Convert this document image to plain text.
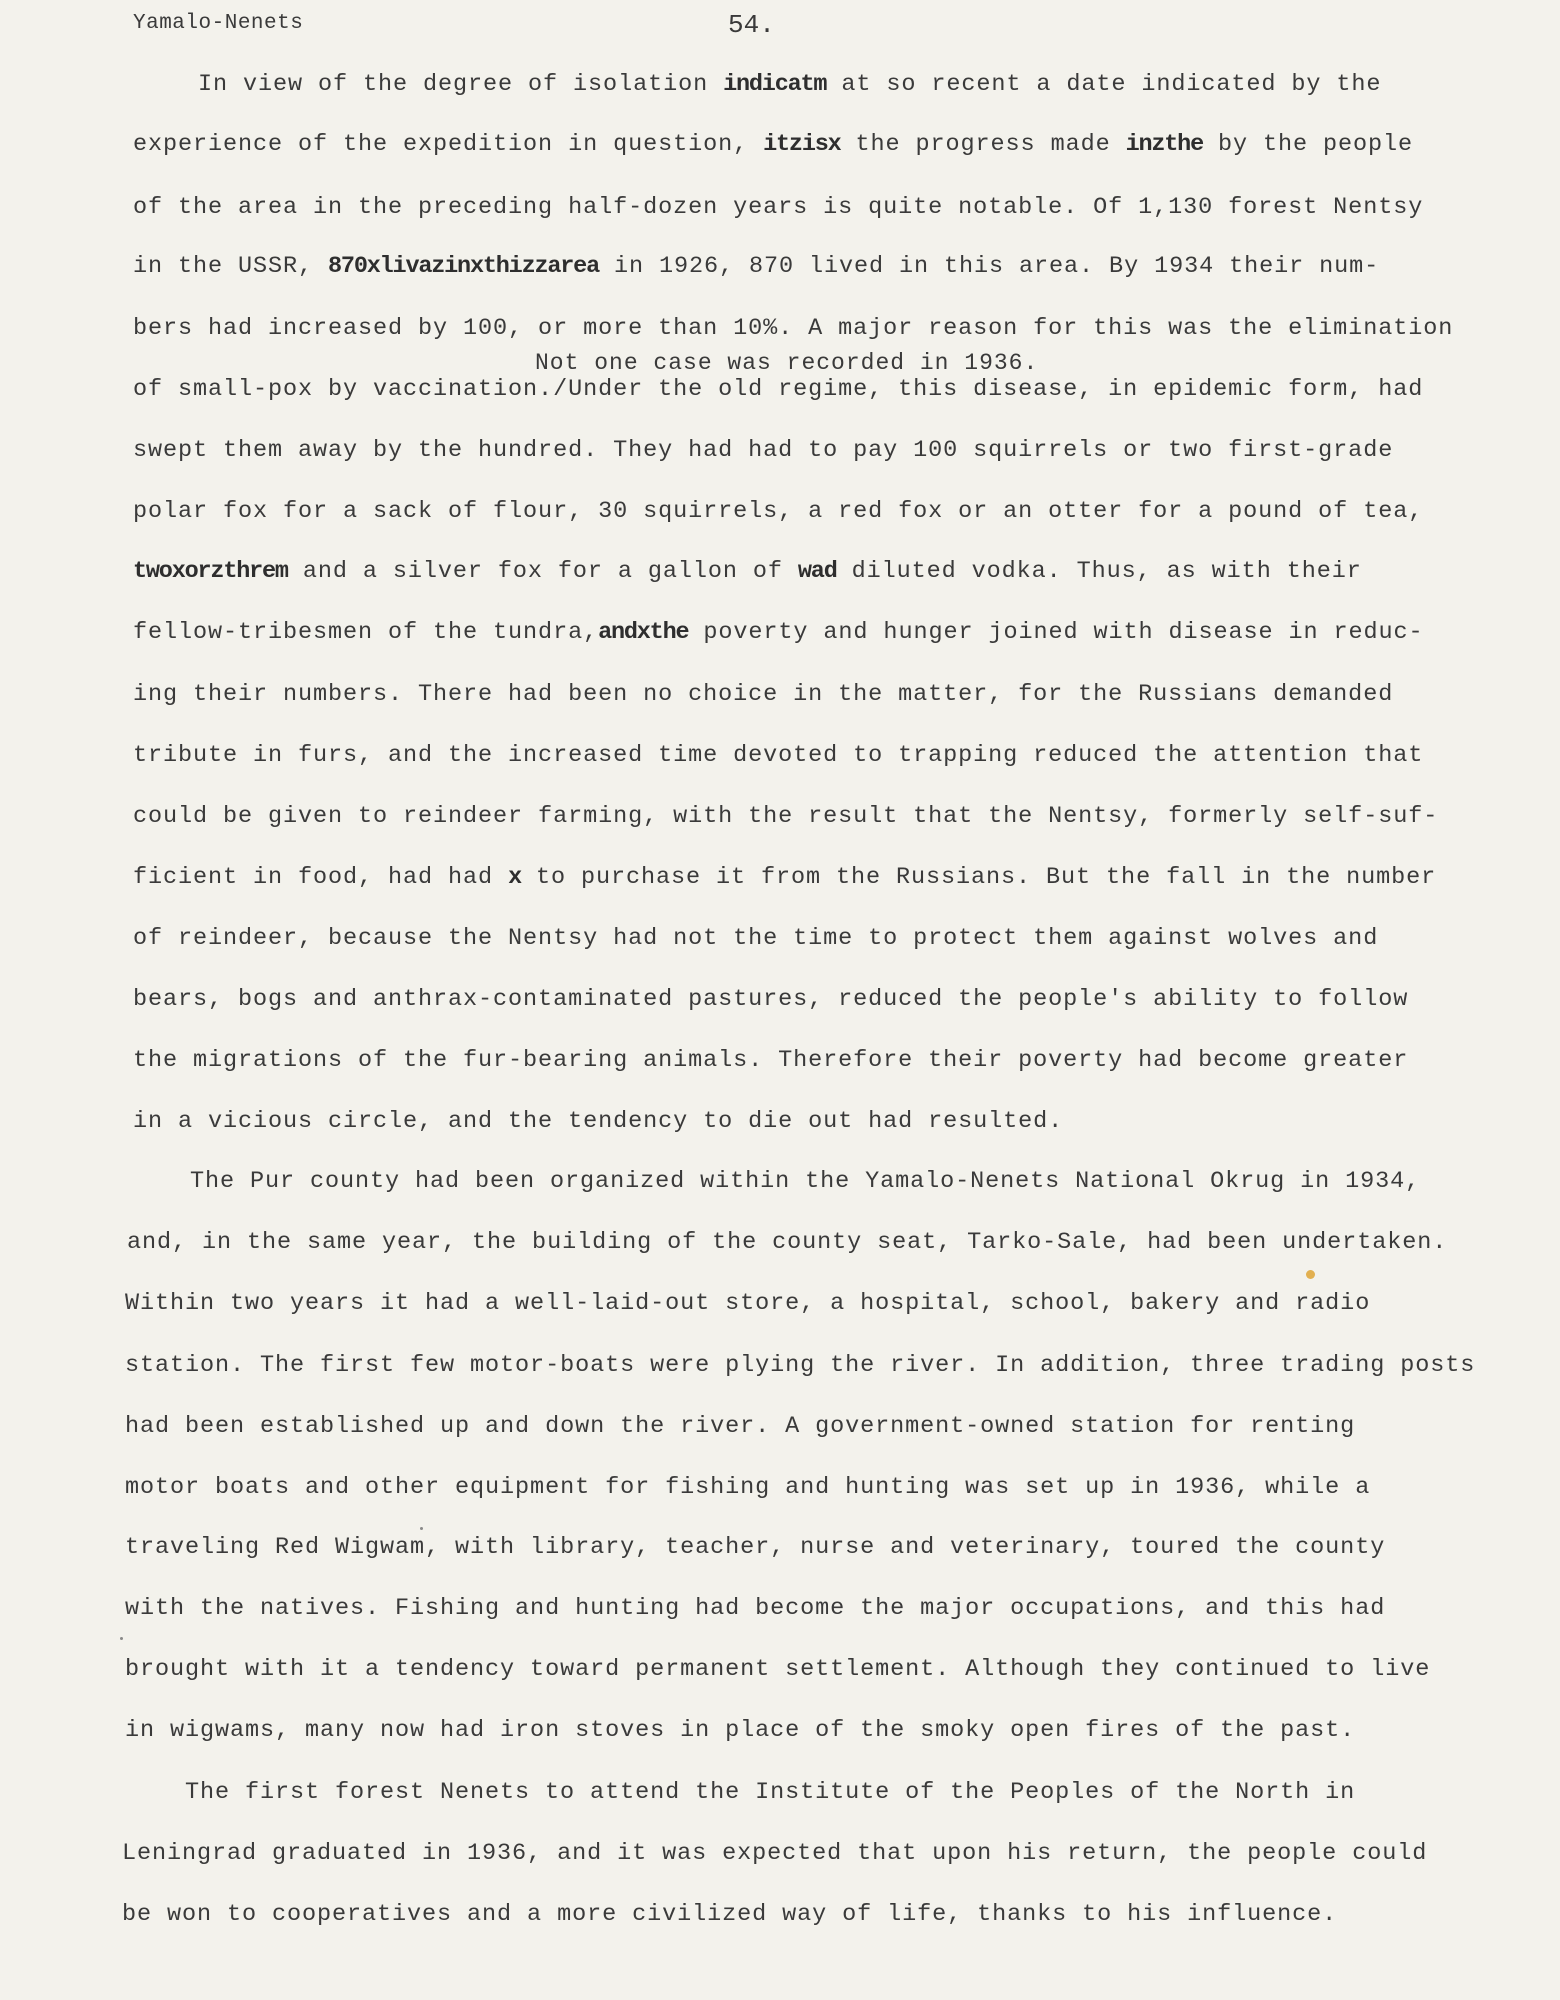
Yamalo-Nenets	54.
Not one case was recorded in 1936.
In view of the degree of isolation indicatm at so recent a date indicated by the
experience of the expedition in question, itzisx the progress made inzthe by the people
of the area in the preceding half-dozen years is quite notable. Of 1,130 forest Nentsy
in the USSR, 870xlivazinxthizzarea in 1926, 870 lived in this area. By 1934 their num-
bers had increased by 100, or more than 10%. A major reason for this was the elimination
of small-pox by vaccination./Under the old regime, this disease, in epidemic form, had
swept them away by the hundred. They had had to pay 100 squirrels or two first-grade
polar fox for a sack of flour, 30 squirrels, a red fox or an otter for a pound of tea,
twoxorzthrem and a silver fox for a gallon of wad diluted vodka. Thus, as with their
fellow-tribesmen of the tundra,andxthe poverty and hunger joined with disease in reduc-
ing their numbers. There had been no choice in the matter, for the Russians demanded
tribute in furs, and the increased time devoted to trapping reduced the attention that
could be given to reindeer farming, with the result that the Nentsy, formerly self-suf-
ficient in food, had had x to purchase it from the Russians. But the fall in the number
of reindeer, because the Nentsy had not the time to protect them against wolves and
bears, bogs and anthrax-contaminated pastures, reduced the people's ability to follow
the migrations of the fur-bearing animals. Therefore their poverty had become greater
in a vicious circle, and the tendency to die out had resulted.
The Pur county had been organized within the Yamalo-Nenets National Okrug in 1934,
and, in the same year, the building of the county seat, Tarko-Sale, had been undertaken.
Within two years it had a well-laid-out store, a hospital, school, bakery and radio
station. The first few motor-boats were plying the river. In addition, three trading posts
had been established up and down the river. A government-owned station for renting
motor boats and other equipment for fishing and hunting was set up in 1936, while a
traveling Red Wigwam, with library, teacher, nurse and veterinary, toured the county
with the natives. Fishing and hunting had become the major occupations, and this had
brought with it a tendency toward permanent settlement. Although they continued to live
in wigwams, many now had iron stoves in place of the smoky open fires of the past.
The first forest Nenets to attend the Institute of the Peoples of the North in
Leningrad graduated in 1936, and it was expected that upon his return, the people could
be won to cooperatives and a more civilized way of life, thanks to his influence.
